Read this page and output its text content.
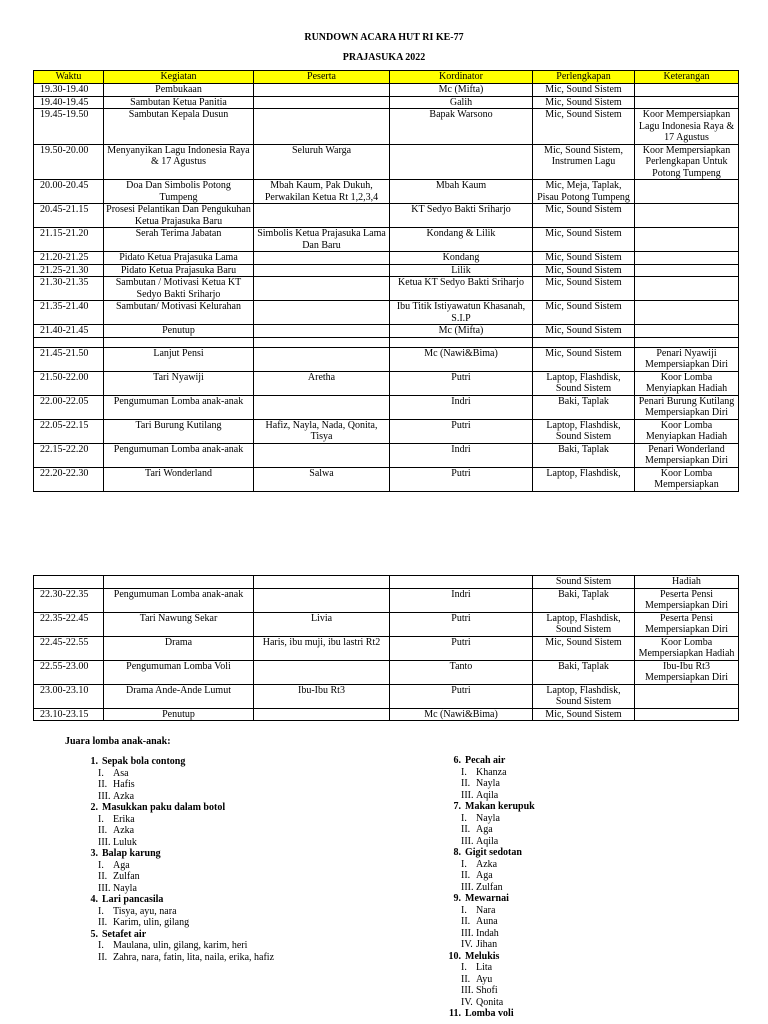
RUNDOWN ACARA HUT RI KE-77
PRAJASUKA 2022
Waktu	Kegiatan	Peserta	Kordinator	Perlengkapan	Keterangan
19.30-19.40	Pembukaan		Mc (Mifta)	Mic, Sound Sistem	
19.40-19.45	Sambutan Ketua Panitia		Galih	Mic, Sound Sistem	
19.45-19.50	Sambutan Kepala Dusun		Bapak Warsono	Mic, Sound Sistem	Koor Mempersiapkan Lagu Indonesia Raya & 17 Agustus
19.50-20.00	Menyanyikan Lagu Indonesia Raya & 17 Agustus	Seluruh Warga		Mic, Sound Sistem, Instrumen Lagu	Koor Mempersiapkan Perlengkapan Untuk Potong Tumpeng
20.00-20.45	Doa Dan Simbolis Potong Tumpeng	Mbah Kaum, Pak Dukuh, Perwakilan Ketua Rt 1,2,3,4	Mbah Kaum	Mic, Meja, Taplak, Pisau Potong Tumpeng	
20.45-21.15	Prosesi Pelantikan Dan Pengukuhan Ketua Prajasuka Baru		KT Sedyo Bakti Sriharjo	Mic, Sound Sistem	
21.15-21.20	Serah Terima Jabatan	Simbolis Ketua Prajasuka Lama Dan Baru	Kondang & Lilik	Mic, Sound Sistem	
21.20-21.25	Pidato Ketua Prajasuka Lama		Kondang	Mic, Sound Sistem	
21.25-21.30	Pidato Ketua Prajasuka Baru		Lilik	Mic, Sound Sistem	
21.30-21.35	Sambutan / Motivasi Ketua KT Sedyo Bakti Sriharjo		Ketua KT Sedyo Bakti Sriharjo	Mic, Sound Sistem	
21.35-21.40	Sambutan/ Motivasi Kelurahan		Ibu Titik Istiyawatun Khasanah, S.I.P	Mic, Sound Sistem	
21.40-21.45	Penutup		Mc (Mifta)	Mic, Sound Sistem	

21.45-21.50	Lanjut Pensi		Mc (Nawi&Bima)	Mic, Sound Sistem	Penari Nyawiji Mempersiapkan Diri
21.50-22.00	Tari Nyawiji	Aretha	Putri	Laptop, Flashdisk, Sound Sistem	Koor Lomba Menyiapkan Hadiah
22.00-22.05	Pengumuman Lomba anak-anak		Indri	Baki, Taplak	Penari Burung Kutilang Mempersiapkan Diri
22.05-22.15	Tari Burung Kutilang	Hafiz, Nayla, Nada, Qonita, Tisya	Putri	Laptop, Flashdisk, Sound Sistem	Koor Lomba Menyiapkan Hadiah
22.15-22.20	Pengumuman Lomba anak-anak		Indri	Baki, Taplak	Penari Wonderland Mempersiapkan Diri
22.20-22.30	Tari Wonderland	Salwa	Putri	Laptop, Flashdisk,	Koor Lomba Mempersiapkan
				Sound Sistem	Hadiah
22.30-22.35	Pengumuman Lomba anak-anak		Indri	Baki, Taplak	Peserta Pensi Mempersiapkan Diri
22.35-22.45	Tari Nawung Sekar	Livia	Putri	Laptop, Flashdisk, Sound Sistem	Peserta Pensi Mempersiapkan Diri
22.45-22.55	Drama	Haris, ibu muji, ibu lastri Rt2	Putri	Mic, Sound Sistem	Koor Lomba Mempersiapkan Hadiah
22.55-23.00	Pengumuman Lomba Voli		Tanto	Baki, Taplak	Ibu-Ibu Rt3 Mempersiapkan Diri
23.00-23.10	Drama Ande-Ande Lumut	Ibu-Ibu Rt3	Putri	Laptop, Flashdisk, Sound Sistem	
23.10-23.15	Penutup		Mc (Nawi&Bima)	Mic, Sound Sistem	
Juara lomba anak-anak:
1. Sepak bola contong
I. Asa
II. Hafis
III. Azka
2. Masukkan paku dalam botol
I. Erika
II. Azka
III. Luluk
3. Balap karung
I. Aga
II. Zulfan
III. Nayla
4. Lari pancasila
I. Tisya, ayu, nara
II. Karim, ulin, gilang
5. Setafet air
I. Maulana, ulin, gilang, karim, heri
II. Zahra, nara, fatin, lita, naila, erika, hafiz
6. Pecah air
I. Khanza
II. Nayla
III. Aqila
7. Makan kerupuk
I. Nayla
II. Aga
III. Aqila
8. Gigit sedotan
I. Azka
II. Aga
III. Zulfan
9. Mewarnai
I. Nara
II. Auna
III. Indah
IV. Jihan
10. Melukis
I. Lita
II. Ayu
III. Shofi
IV. Qonita
11. Lomba voli
